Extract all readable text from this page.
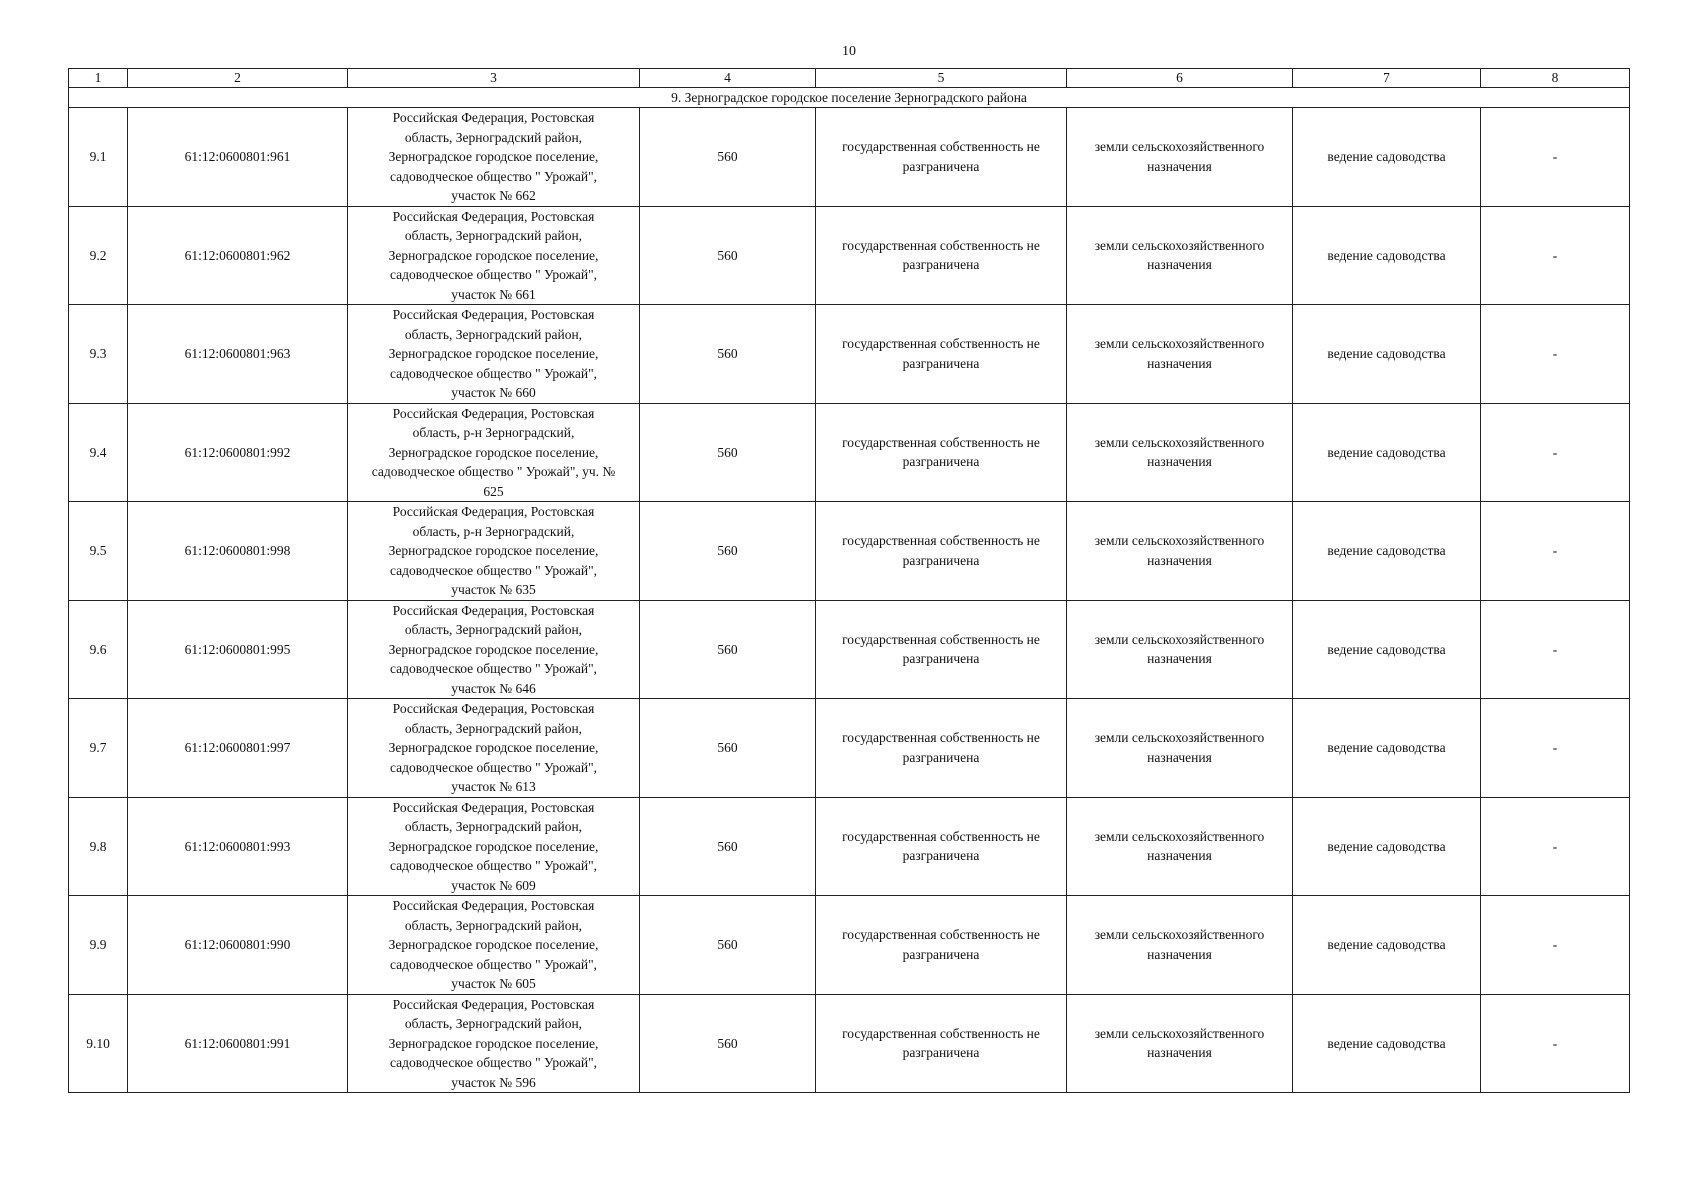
10
1	2	3	4	5	6	7	8
9. Зерноградское городское поселение Зерноградского района							
9.1	61:12:0600801:961	Российская Федерация, Ростовская
область, Зерноградский район,
Зерноградское городское поселение,
садоводческое общество " Урожай",
участок № 662	560	государственная собственность не разграничена	земли сельскохозяйственного назначения	ведение садоводства	-
9.2	61:12:0600801:962	Российская Федерация, Ростовская
область, Зерноградский район,
Зерноградское городское поселение,
садоводческое общество " Урожай",
участок № 661	560	государственная собственность не разграничена	земли сельскохозяйственного назначения	ведение садоводства	-
9.3	61:12:0600801:963	Российская Федерация, Ростовская
область, Зерноградский район,
Зерноградское городское поселение,
садоводческое общество " Урожай",
участок № 660	560	государственная собственность не разграничена	земли сельскохозяйственного назначения	ведение садоводства	-
9.4	61:12:0600801:992	Российская Федерация, Ростовская
область, р-н Зерноградский,
Зерноградское городское поселение,
садоводческое общество " Урожай", уч. №
625	560	государственная собственность не разграничена	земли сельскохозяйственного назначения	ведение садоводства	-
9.5	61:12:0600801:998	Российская Федерация, Ростовская
область, р-н Зерноградский,
Зерноградское городское поселение,
садоводческое общество " Урожай",
участок № 635	560	государственная собственность не разграничена	земли сельскохозяйственного назначения	ведение садоводства	-
9.6	61:12:0600801:995	Российская Федерация, Ростовская
область, Зерноградский район,
Зерноградское городское поселение,
садоводческое общество " Урожай",
участок № 646	560	государственная собственность не разграничена	земли сельскохозяйственного назначения	ведение садоводства	-
9.7	61:12:0600801:997	Российская Федерация, Ростовская
область, Зерноградский район,
Зерноградское городское поселение,
садоводческое общество " Урожай",
участок № 613	560	государственная собственность не разграничена	земли сельскохозяйственного назначения	ведение садоводства	-
9.8	61:12:0600801:993	Российская Федерация, Ростовская
область, Зерноградский район,
Зерноградское городское поселение,
садоводческое общество " Урожай",
участок № 609	560	государственная собственность не разграничена	земли сельскохозяйственного назначения	ведение садоводства	-
9.9	61:12:0600801:990	Российская Федерация, Ростовская
область, Зерноградский район,
Зерноградское городское поселение,
садоводческое общество " Урожай",
участок № 605	560	государственная собственность не разграничена	земли сельскохозяйственного назначения	ведение садоводства	-
9.10	61:12:0600801:991	Российская Федерация, Ростовская
область, Зерноградский район,
Зерноградское городское поселение,
садоводческое общество " Урожай",
участок № 596	560	государственная собственность не разграничена	земли сельскохозяйственного назначения	ведение садоводства	-
